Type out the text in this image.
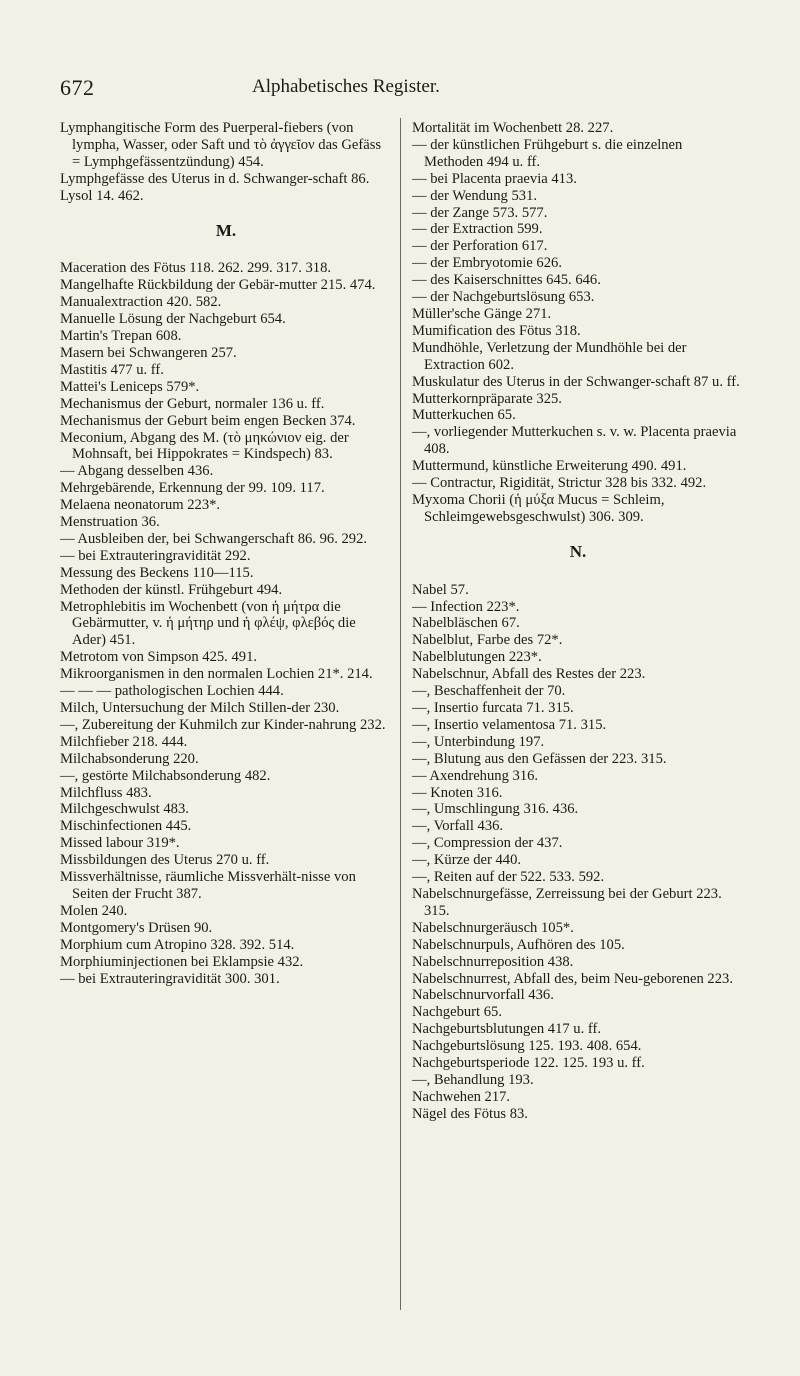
672	Alphabetisches Register.

Lymphangitische Form des Puerperal-fiebers (von lympha, Wasser, oder Saft und τὸ ἀγγεῖον das Gefäss = Lymphgefässentzündung) 454.

Lymphgefässe des Uterus in d. Schwanger-schaft 86.

Lysol 14. 462.

M.

Maceration des Fötus 118. 262. 299. 317. 318.

Mangelhafte Rückbildung der Gebär-mutter 215. 474.

Manualextraction 420. 582.

Manuelle Lösung der Nachgeburt 654.

Martin's Trepan 608.

Masern bei Schwangeren 257.

Mastitis 477 u. ff.

Mattei's Leniceps 579*.

Mechanismus der Geburt, normaler 136 u. ff.

Mechanismus der Geburt beim engen Becken 374.

Meconium, Abgang des M. (τὸ μηκώνιον eig. der Mohnsaft, bei Hippokrates = Kindspech) 83.

— Abgang desselben 436.

Mehrgebärende, Erkennung der 99. 109. 117.

Melaena neonatorum 223*.

Menstruation 36.

— Ausbleiben der, bei Schwangerschaft 86. 96. 292.

— bei Extrauteringravidität 292.

Messung des Beckens 110—115.

Methoden der künstl. Frühgeburt 494.

Metrophlebitis im Wochenbett (von ἡ μήτρα die Gebärmutter, v. ἡ μήτηρ und ἡ φλέψ, φλεβός die Ader) 451.

Metrotom von Simpson 425. 491.

Mikroorganismen in den normalen Lochien 21*. 214.

— — — pathologischen Lochien 444.

Milch, Untersuchung der Milch Stillen-der 230.

—, Zubereitung der Kuhmilch zur Kinder-nahrung 232.

Milchfieber 218. 444.

Milchabsonderung 220.

—, gestörte Milchabsonderung 482.

Milchfluss 483.

Milchgeschwulst 483.

Mischinfectionen 445.

Missed labour 319*.

Missbildungen des Uterus 270 u. ff.

Missverhältnisse, räumliche Missverhält-nisse von Seiten der Frucht 387.

Molen 240.

Montgomery's Drüsen 90.

Morphium cum Atropino 328. 392. 514.

Morphiuminjectionen bei Eklampsie 432.

— bei Extrauteringravidität 300. 301.

Mortalität im Wochenbett 28. 227.

— der künstlichen Frühgeburt s. die einzelnen Methoden 494 u. ff.

— bei Placenta praevia 413.

— der Wendung 531.

— der Zange 573. 577.

— der Extraction 599.

— der Perforation 617.

— der Embryotomie 626.

— des Kaiserschnittes 645. 646.

— der Nachgeburtslösung 653.

Müller'sche Gänge 271.

Mumification des Fötus 318.

Mundhöhle, Verletzung der Mundhöhle bei der Extraction 602.

Muskulatur des Uterus in der Schwanger-schaft 87 u. ff.

Mutterkornpräparate 325.

Mutterkuchen 65.

—, vorliegender Mutterkuchen s. v. w. Placenta praevia 408.

Muttermund, künstliche Erweiterung 490. 491.

— Contractur, Rigidität, Strictur 328 bis 332. 492.

Myxoma Chorii (ἡ μύξα Mucus = Schleim, Schleimgewebsgeschwulst) 306. 309.

N.

Nabel 57.

— Infection 223*.

Nabelbläschen 67.

Nabelblut, Farbe des 72*.

Nabelblutungen 223*.

Nabelschnur, Abfall des Restes der 223.

—, Beschaffenheit der 70.

—, Insertio furcata 71. 315.

—, Insertio velamentosa 71. 315.

—, Unterbindung 197.

—, Blutung aus den Gefässen der 223. 315.

— Axendrehung 316.

— Knoten 316.

—, Umschlingung 316. 436.

—, Vorfall 436.

—, Compression der 437.

—, Kürze der 440.

—, Reiten auf der 522. 533. 592.

Nabelschnurgefässe, Zerreissung bei der Geburt 223. 315.

Nabelschnurgeräusch 105*.

Nabelschnurpuls, Aufhören des 105.

Nabelschnurreposition 438.

Nabelschnurrest, Abfall des, beim Neu-geborenen 223.

Nabelschnurvorfall 436.

Nachgeburt 65.

Nachgeburtsblutungen 417 u. ff.

Nachgeburtslösung 125. 193. 408. 654.

Nachgeburtsperiode 122. 125. 193 u. ff.

—, Behandlung 193.

Nachwehen 217.

Nägel des Fötus 83.
